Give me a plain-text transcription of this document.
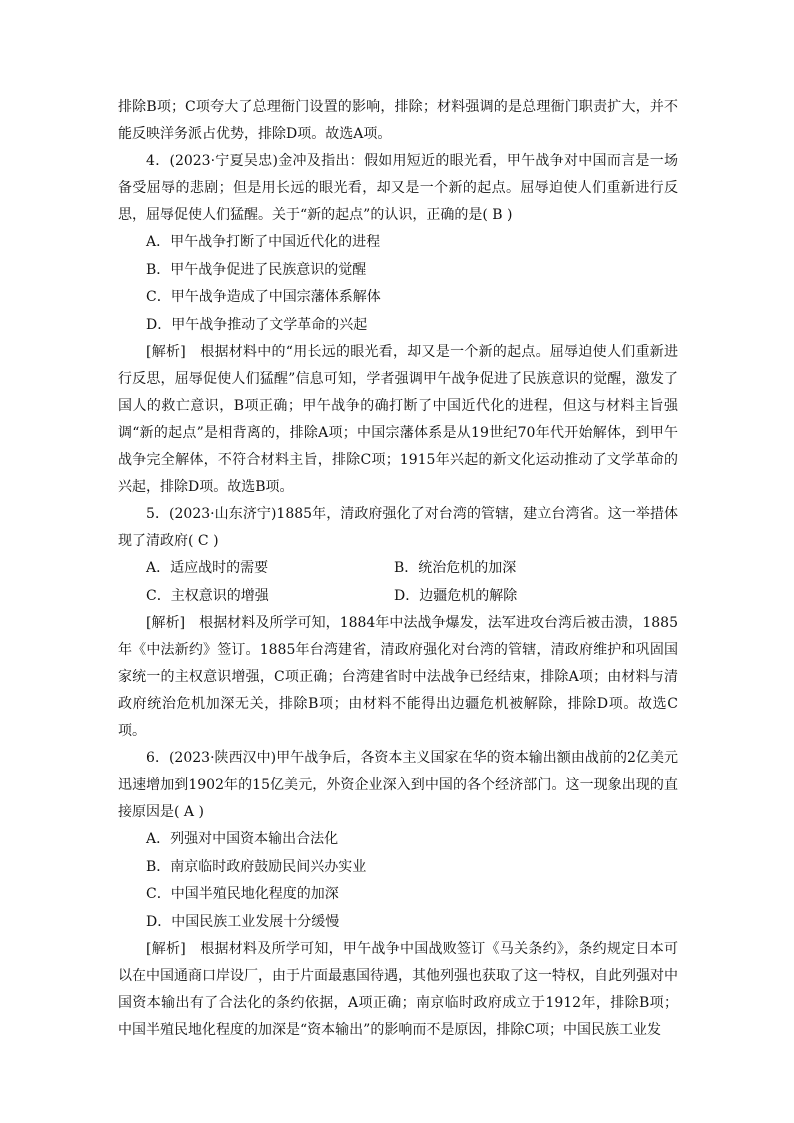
排除B项；C项夸大了总理衙门设置的影响，排除；材料强调的是总理衙门职责扩大，并不能反映洋务派占优势，排除D项。故选A项。

4．(2023·宁夏吴忠)金冲及指出：假如用短近的眼光看，甲午战争对中国而言是一场备受屈辱的悲剧；但是用长远的眼光看，却又是一个新的起点。屈辱迫使人们重新进行反思，屈辱促使人们猛醒。关于“新的起点”的认识，正确的是( B )

A．甲午战争打断了中国近代化的进程

B．甲午战争促进了民族意识的觉醒

C．甲午战争造成了中国宗藩体系解体

D．甲午战争推动了文学革命的兴起

[解析]　根据材料中的“用长远的眼光看，却又是一个新的起点。屈辱迫使人们重新进行反思，屈辱促使人们猛醒”信息可知，学者强调甲午战争促进了民族意识的觉醒，激发了国人的救亡意识，B项正确；甲午战争的确打断了中国近代化的进程，但这与材料主旨强调“新的起点”是相背离的，排除A项；中国宗藩体系是从19世纪70年代开始解体，到甲午战争完全解体，不符合材料主旨，排除C项；1915年兴起的新文化运动推动了文学革命的兴起，排除D项。故选B项。

5．(2023·山东济宁)1885年，清政府强化了对台湾的管辖，建立台湾省。这一举措体现了清政府( C )

A．适应战时的需要	B．统治危机的加深
C．主权意识的增强	D．边疆危机的解除

[解析]　根据材料及所学可知，1884年中法战争爆发，法军进攻台湾后被击溃，1885年《中法新约》签订。1885年台湾建省，清政府强化对台湾的管辖，清政府维护和巩固国家统一的主权意识增强，C项正确；台湾建省时中法战争已经结束，排除A项；由材料与清政府统治危机加深无关，排除B项；由材料不能得出边疆危机被解除，排除D项。故选C项。

6．(2023·陕西汉中)甲午战争后，各资本主义国家在华的资本输出额由战前的2亿美元迅速增加到1902年的15亿美元，外资企业深入到中国的各个经济部门。这一现象出现的直接原因是( A )

A．列强对中国资本输出合法化

B．南京临时政府鼓励民间兴办实业

C．中国半殖民地化程度的加深

D．中国民族工业发展十分缓慢

[解析]　根据材料及所学可知，甲午战争中国战败签订《马关条约》，条约规定日本可以在中国通商口岸设厂，由于片面最惠国待遇，其他列强也获取了这一特权，自此列强对中国资本输出有了合法化的条约依据，A项正确；南京临时政府成立于1912年，排除B项；中国半殖民地化程度的加深是“资本输出”的影响而不是原因，排除C项；中国民族工业发
